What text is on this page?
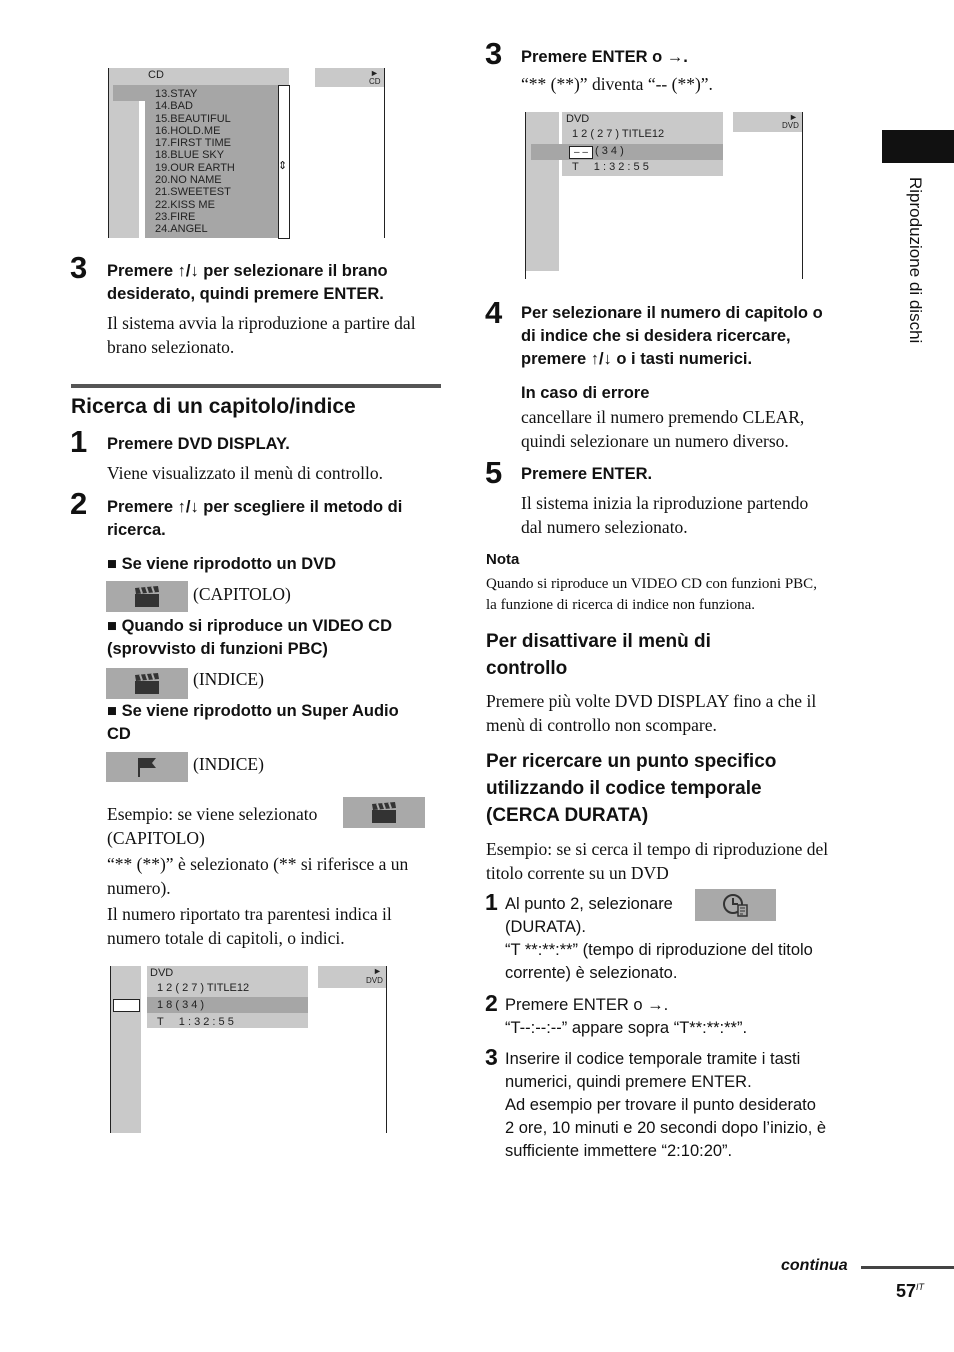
Riproduzione di dischi
⇕
CD	►
CD
13.STAY
14.BAD
15.BEAUTIFUL
16.HOLD.ME
17.FIRST TIME
18.BLUE SKY
19.OUR EARTH
20.NO NAME
21.SWEETEST
22.KISS ME
23.FIRE
24.ANGEL
3 Premere ↑/↓ per selezionare il brano
desiderato, quindi premere ENTER.
Il sistema avvia la riproduzione a partire dal
brano selezionato.
Ricerca di un capitolo/indice
1 Premere DVD DISPLAY.
Viene visualizzato il menù di controllo.
2 Premere ↑/↓ per scegliere il metodo di
ricerca.
■ Se viene riprodotto un DVD
(CAPITOLO)
■ Quando si riproduce un VIDEO CD
(sprovvisto di funzioni PBC)
(INDICE)
■ Se viene riprodotto un Super Audio
CD
(INDICE)
Esempio: se viene selezionato
(CAPITOLO)
“** (**)” è selezionato (** si riferisce a un
numero).
Il numero riportato tra parentesi indica il
numero totale di capitoli, o indici.
DVD	►
DVD
1 2 ( 2 7 ) TITLE12
1 8 ( 3 4 )
T     1 : 3 2 : 5 5
3 Premere ENTER o →.
“** (**)” diventa “-- (**)”.
DVD	►
DVD
1 2 ( 2 7 ) TITLE12
– – ( 3 4 )
T     1 : 3 2 : 5 5
4 Per selezionare il numero di capitolo o
di indice che si desidera ricercare,
premere ↑/↓ o i tasti numerici.
In caso di errore
cancellare il numero premendo CLEAR,
quindi selezionare un numero diverso.
5 Premere ENTER.
Il sistema inizia la riproduzione partendo
dal numero selezionato.
Nota
Quando si riproduce un VIDEO CD con funzioni PBC,
la funzione di ricerca di indice non funziona.
Per disattivare il menù di
controllo
Premere più volte DVD DISPLAY fino a che il
menù di controllo non scompare.
Per ricercare un punto specifico
utilizzando il codice temporale
(CERCA DURATA)
Esempio: se si cerca il tempo di riproduzione del
titolo corrente su un DVD
1 Al punto 2, selezionare
(DURATA).
“T **:**:**” (tempo di riproduzione del titolo
corrente) è selezionato.
2 Premere ENTER o →.
“T--:--:--” appare sopra “T**:**:**”.
3 Inserire il codice temporale tramite i tasti
numerici, quindi premere ENTER.
Ad esempio per trovare il punto desiderato
2 ore, 10 minuti e 20 secondi dopo l’inizio, è
sufficiente immettere “2:10:20”.
continua
$57^{IT}$
